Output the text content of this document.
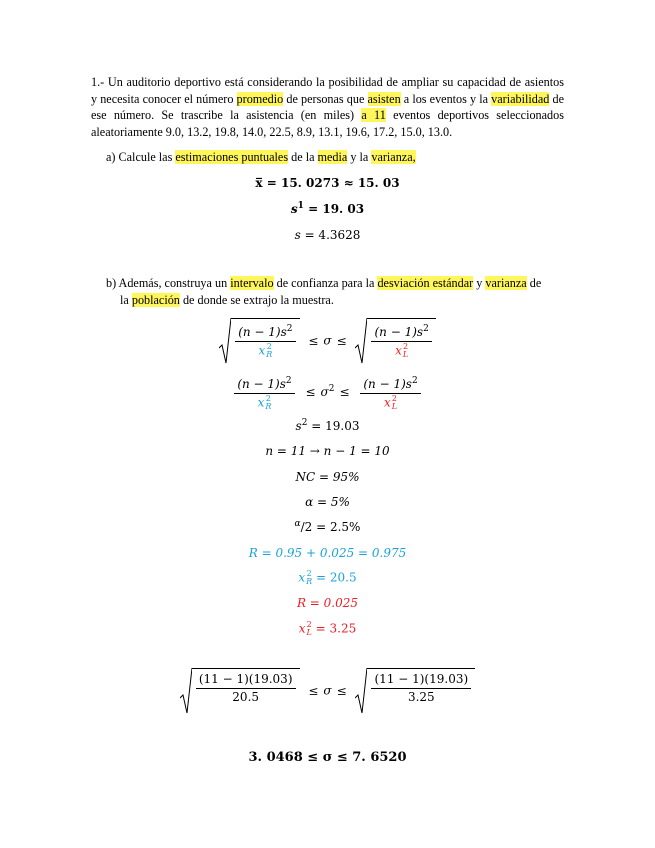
1.- Un auditorio deportivo está considerando la posibilidad de ampliar su capacidad de asientos y necesita conocer el número promedio de personas que asisten a los eventos y la variabilidad de ese número. Se trascribe la asistencia (en miles) a 11 eventos deportivos seleccionados aleatoriamente 9.0, 13.2, 19.8, 14.0, 22.5, 8.9, 13.1, 19.6, 17.2, 15.0, 13.0.
a) Calcule las estimaciones puntuales de la media y la varianza,
x̅ = 15. 0273 ≈ 15. 03
$s^1 = 19$. 03
s = 4.3628
b) Además, construya un intervalo de confianza para la desviación estándar y varianza de

la población de donde se extrajo la muestra.
$(n - 1)s^2$
x 2
$R \le \sigma \le (n - 1)s^2$
x 2
L
$(n - 1)s^2$
x 2
$R \le \sigma^2 \le (n - 1)s^2$
x 2
L
$s^2 = 19.03$
n = 11 → n − 1 = 10
NC = 95%
α = 5%
$^\alpha$/2 = 2.5%
R = 0.95 + 0.025 = 0.975
x 2
R = 20.5
R = 0.025
x 2
L = 3.25
$\frac{(11 - 1)(19.03)}{20.5} \le \sigma \le \frac{(11 - 1)(19.03)}{3.25}$
3. 0468 ≤ σ ≤ 7. 6520
